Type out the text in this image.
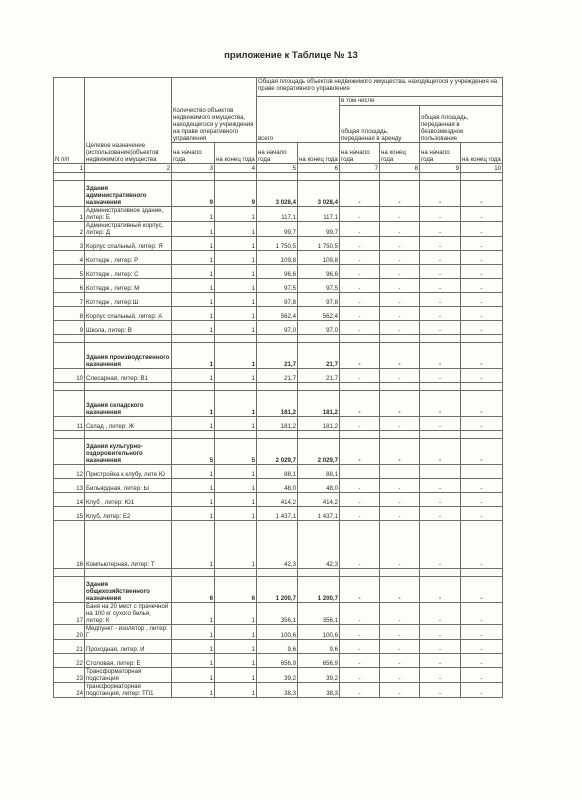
приложение к Таблице № 13
N п/п	Целевое назначение (использование)объектов недвижимого имущества	Количество объектов недвижимого имущества, находящегося у учреждения на праве оперативного управления		Общая площадь объектов недвижимого имущества, находящегося у учреждения на праве оперативного управления					
				всего		в том числе			
						общая площадь, переданная в аренду		общая площадь, переданная в безвозмездное пользование	
		на начало года	на конец года	на начало года	на конец года	на начало года	на конец года	на начало года	на конец года
1	2	3	4	5	6	7	8	9	10

	Здания административного назначения	9	9	3 028,4	3 028,4	-	-	-	-
1	Административное здание, литер: Б	1	1	117,1	117,1	-	-	-	-
2	Административный корпус, литер: Д	1	1	99,7	99,7	-	-	-	-
3	Корпус спальный, литер: Я	1	1	1 750,5	1 750,5	-	-	-	-
4	Коттедж , литер: Р	1	1	109,8	109,8	-	-	-	-
5	Коттедж , литер: С	1	1	96,6	96,6	-	-	-	-
6	Коттедж , литер: М	1	1	97,5	97,5	-	-	-	-
7	Коттедж , литер:Ш	1	1	97,8	97,8	-	-	-	-
8	Корпус спальный, литер: А	1	1	562,4	562,4	-	-	-	-
9	Школа, литер: В	1	1	97,0	97,0	-	-	-	-

	Здания производственного назначения	1	1	21,7	21,7	-	-	-	-
10	Слесарная, литер: В1	1	1	21,7	21,7	-	-	-	-

	Здания складского назначения	1	1	181,2	181,2	-	-	-	-
11	Склад , литер: Ж	1	1	181,2	181,2	-	-	-	-

	Здания культурно-оздоровительного назначения	5	5	2 029,7	2 029,7	-	-	-	-
12	Пристройка к клубу, лите Ю	1	1	88,1	88,1				
13	Бильярдная, литер: Ы	1	1	48,0	48,0	-	-	-	-
14	Клуб , литер: Ю1	1	1	414,2	414,2	-	-	-	-
15	Клуб, литер: Е2	1	1	1 437,1	1 437,1	-	-	-	-
16	Компьютерная, литер: Т	1	1	42,3	42,3	-	-	-	-

	Здания общехозяйственного назначения	6	6	1 200,7	1 200,7	-	-	-	-
17	Баня на 20 мест с прачечной на 100 кг сухого белья, литер: К	1	1	356,1	356,1	-	-	-	-
20	Медпункт - изолятор , литер: Г	1	1	100,6	100,6	-	-	-	-
21	Проходная, литер: И	1	1	9,6	9,6	-	-	-	-
22	Столовая, литер: Е	1	1	656,9	656,9	-	-	-	-
23	Трансформаторная подстанция	1	1	39,2	39,2	-	-	-	-
24	трансформаторная подстанция, литер: ТП1	1	1	38,3	38,3	-	-	-	-
